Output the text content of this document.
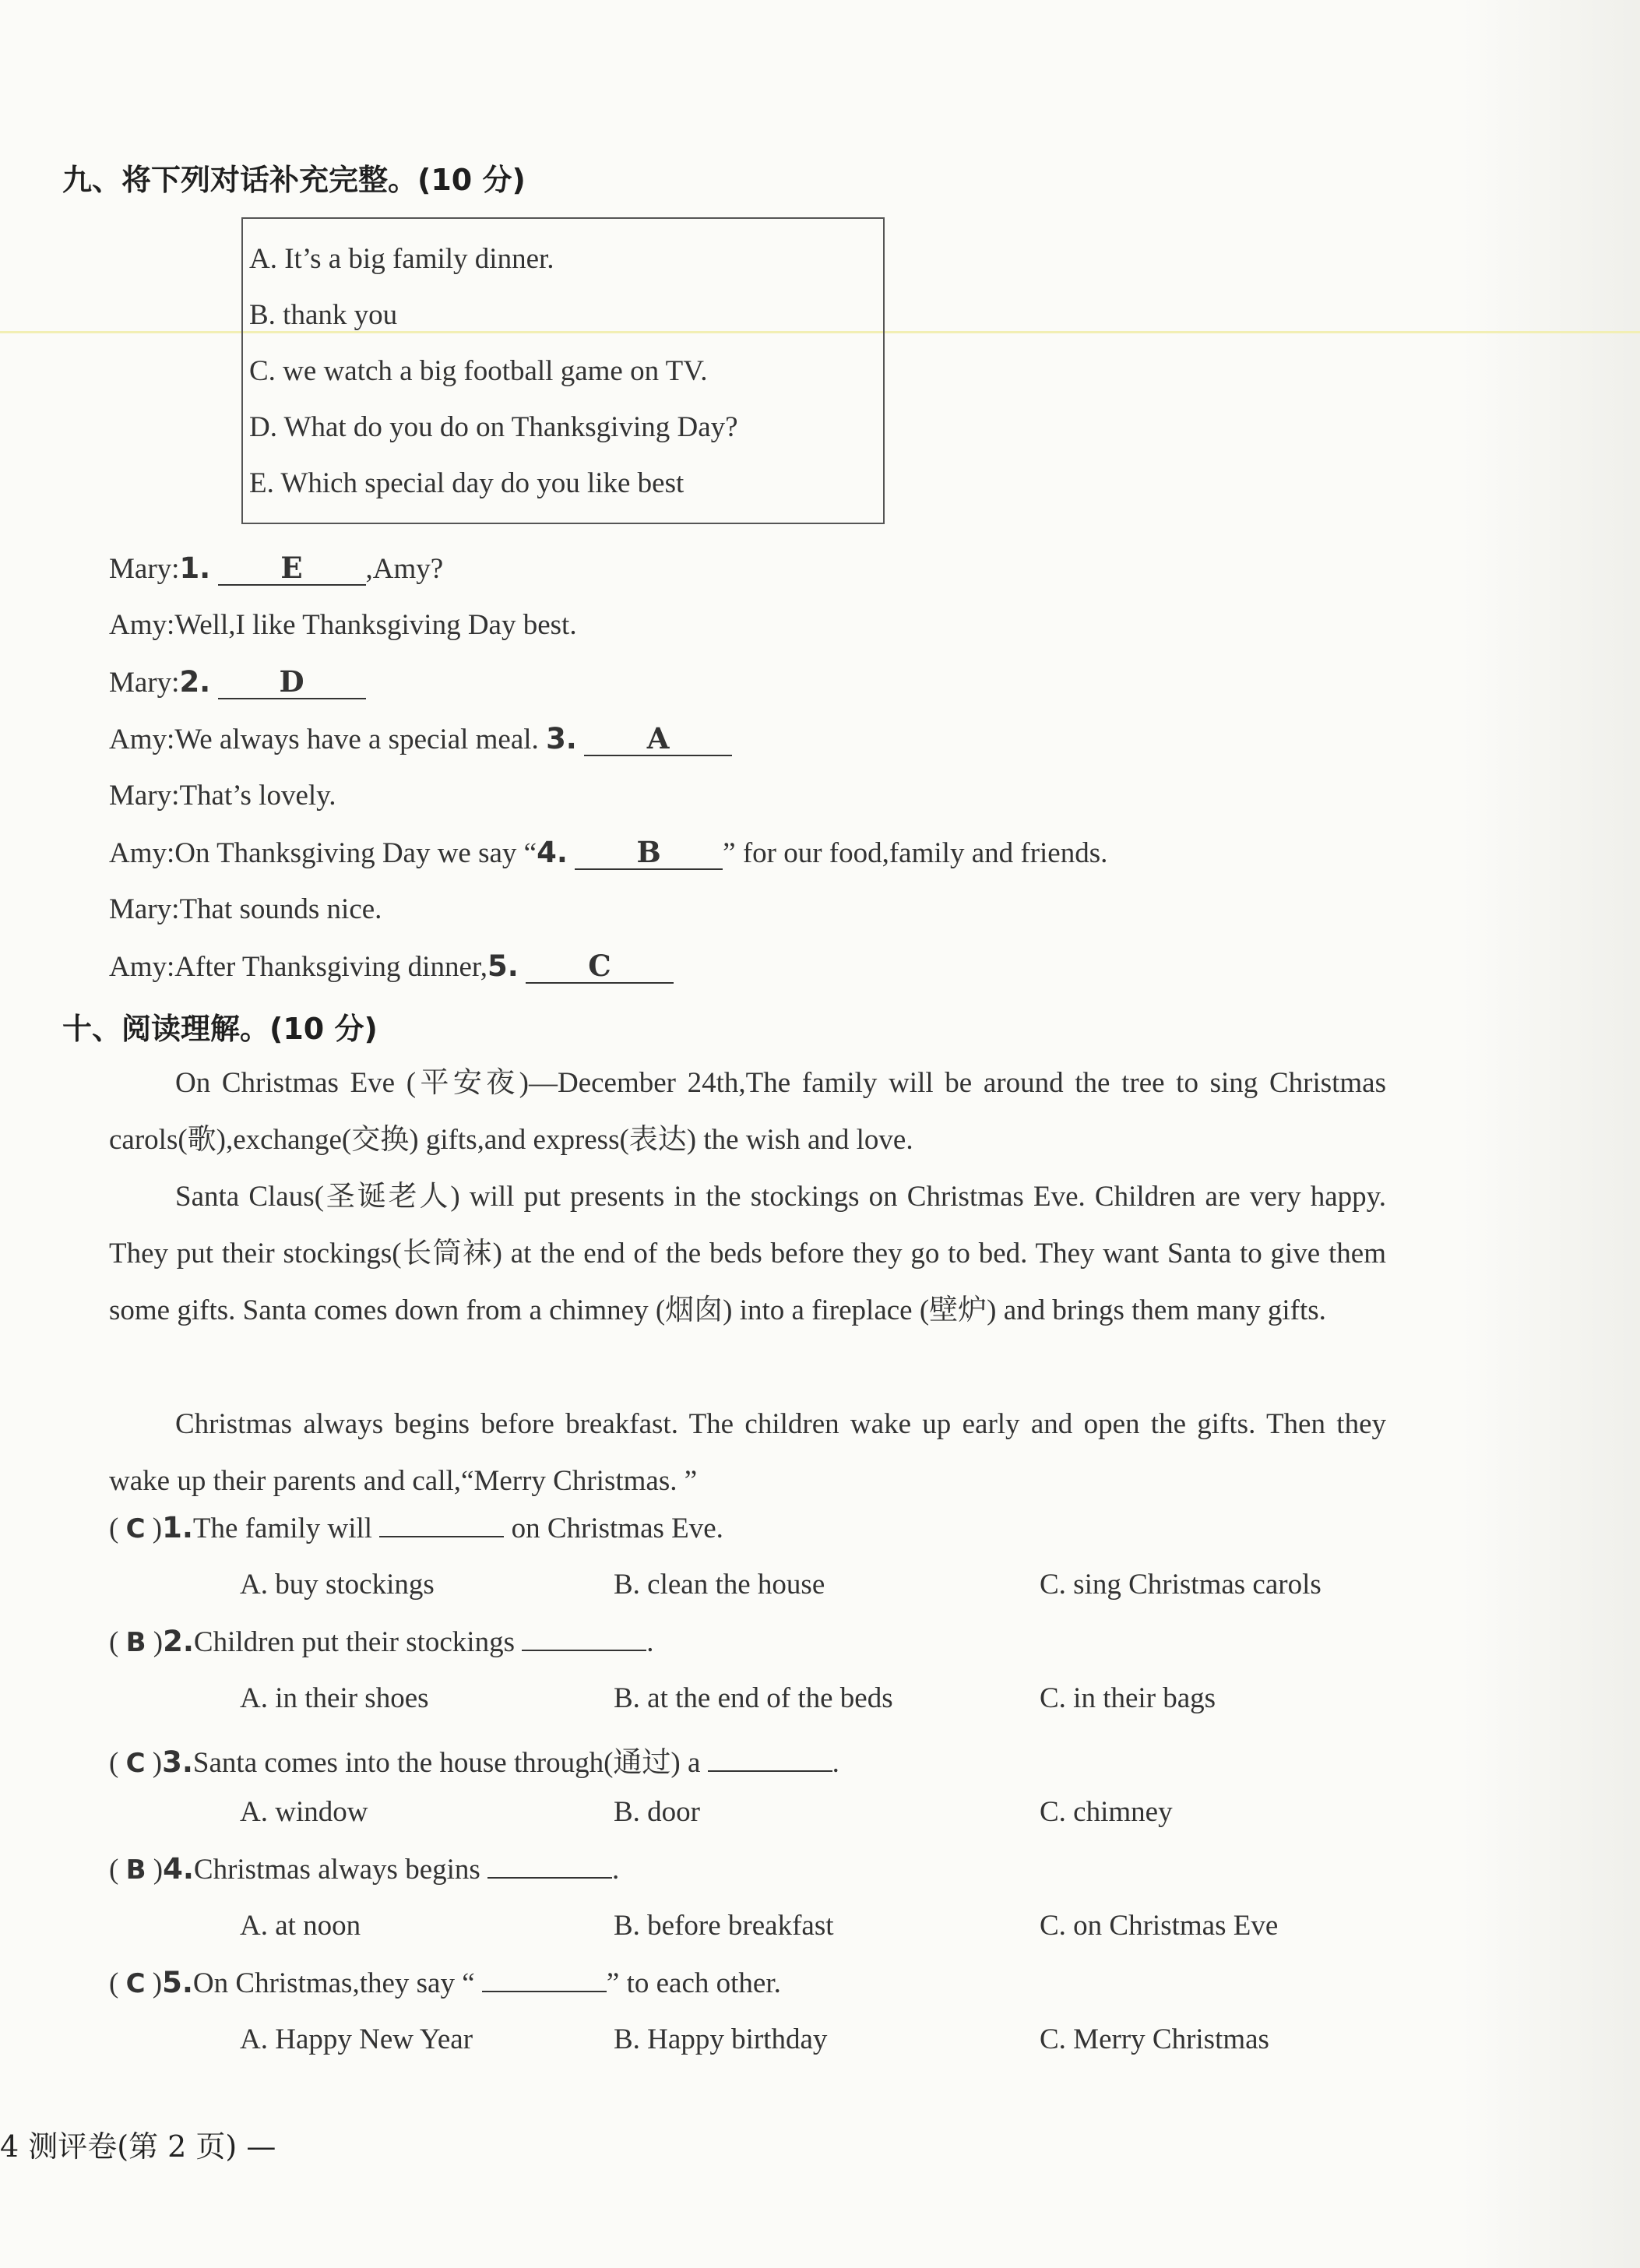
九、将下列对话补充完整。(10 分)
A. It’s a big family dinner.
B. thank you
C. we watch a big football game on TV.
D. What do you do on Thanksgiving Day?
E. Which special day do you like best
Mary:1. E ,Amy?
Amy:Well,I like Thanksgiving Day best.
Mary:2. D
Amy:We always have a special meal. 3. A
Mary:That’s lovely.
Amy:On Thanksgiving Day we say “4. B ” for our food,family and friends.
Mary:That sounds nice.
Amy:After Thanksgiving dinner,5. C
十、阅读理解。(10 分)
On Christmas Eve (平安夜)—December 24th,The family will be around the tree to sing Christmas carols(歌),exchange(交换) gifts,and express(表达) the wish and love.
Santa Claus(圣诞老人) will put presents in the stockings on Christmas Eve. Children are very happy. They put their stockings(长筒袜) at the end of the beds before they go to bed. They want Santa to give them some gifts. Santa comes down from a chimney (烟囱) into a fireplace (壁炉) and brings them many gifts.
Christmas always begins before breakfast. The children wake up early and open the gifts. Then they wake up their parents and call,“Merry Christmas. ”
( C )1.The family will	on Christmas Eve.
A. buy stockings	B. clean the house	C. sing Christmas carols
( B )2.Children put their stockings	.
A. in their shoes	B. at the end of the beds	C. in their bags
( C )3.Santa comes into the house through(通过) a	.
A. window	B. door	C. chimney
( B )4.Christmas always begins	.
A. at noon	B. before breakfast	C. on Christmas Eve
( C )5.On Christmas,they say “	” to each other.
A. Happy New Year	B. Happy birthday	C. Merry Christmas
4 测评卷(第 2 页) —
